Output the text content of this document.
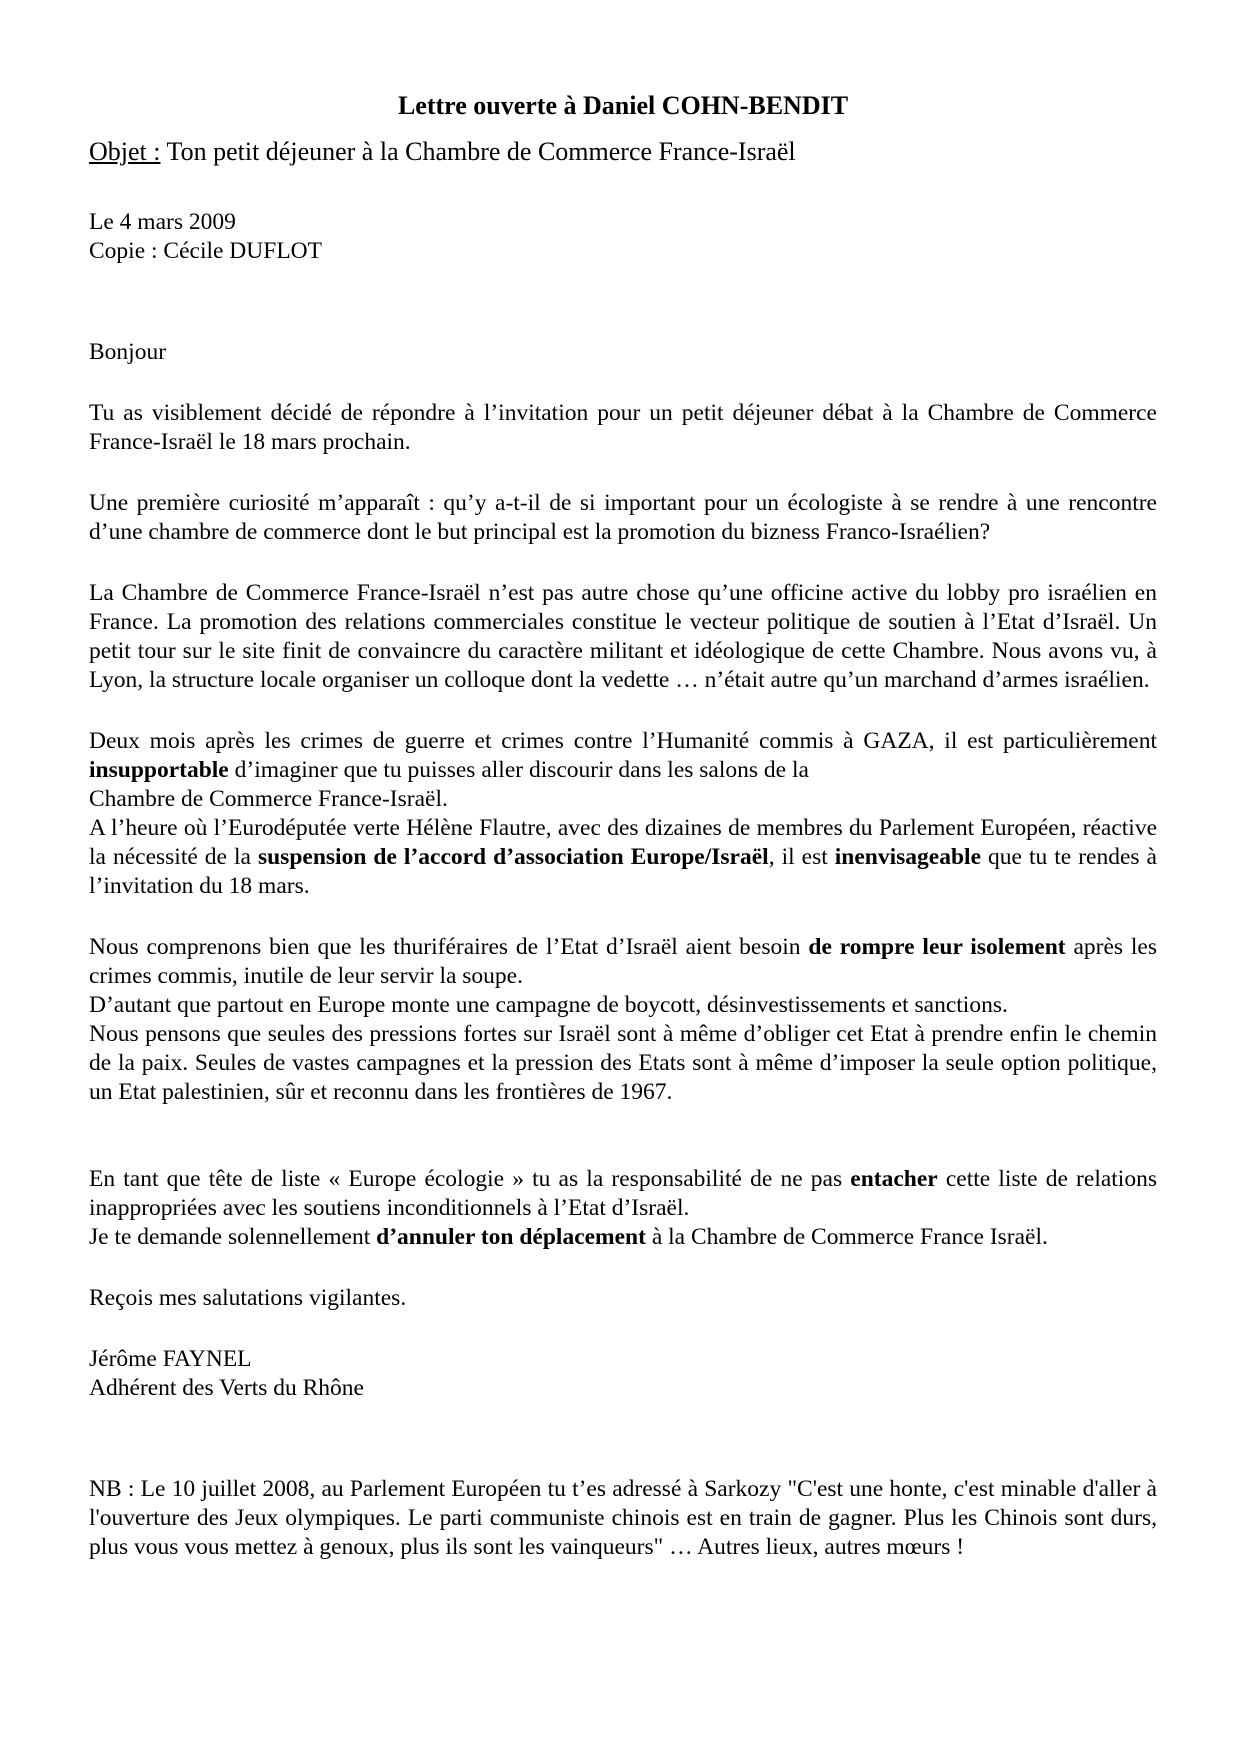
Lettre ouverte à Daniel COHN-BENDIT
Objet : Ton petit déjeuner à la Chambre de Commerce France-Israël

Le 4 mars 2009

Copie : Cécile DUFLOT

Bonjour

Tu as visiblement décidé de répondre à l’invitation pour un petit déjeuner débat à la Chambre de Commerce France-Israël le 18 mars prochain.

Une première curiosité m’apparaît : qu’y a-t-il de si important pour un écologiste à se rendre à une rencontre d’une chambre de commerce dont le but principal est la promotion du bizness Franco-Israélien?

La Chambre de Commerce France-Israël n’est pas autre chose qu’une officine active du lobby pro israélien en France. La promotion des relations commerciales constitue le vecteur politique de soutien à l’Etat d’Israël. Un petit tour sur le site finit de convaincre du caractère militant et idéologique de cette Chambre. Nous avons vu, à Lyon, la structure locale organiser un colloque dont la vedette … n’était autre qu’un marchand d’armes israélien.

Deux mois après les crimes de guerre et crimes contre l’Humanité commis à GAZA, il est particulièrement insupportable d’imaginer que tu puisses aller discourir dans les salons de la

Chambre de Commerce France-Israël.

A l’heure où l’Eurodéputée verte Hélène Flautre, avec des dizaines de membres du Parlement Européen, réactive la nécessité de la suspension de l’accord d’association Europe/Israël, il est inenvisageable que tu te rendes à l’invitation du 18 mars.

Nous comprenons bien que les thuriféraires de l’Etat d’Israël aient besoin de rompre leur isolement après les crimes commis, inutile de leur servir la soupe.

D’autant que partout en Europe monte une campagne de boycott, désinvestissements et sanctions.

Nous pensons que seules des pressions fortes sur Israël sont à même d’obliger cet Etat à prendre enfin le chemin de la paix. Seules de vastes campagnes et la pression des Etats sont à même d’imposer la seule option politique, un Etat palestinien, sûr et reconnu dans les frontières de 1967.

En tant que tête de liste « Europe écologie » tu as la responsabilité de ne pas entacher cette liste de relations inappropriées avec les soutiens inconditionnels à l’Etat d’Israël.

Je te demande solennellement d’annuler ton déplacement à la Chambre de Commerce France Israël.

Reçois mes salutations vigilantes.

Jérôme FAYNEL

Adhérent des Verts du Rhône

NB : Le 10 juillet 2008, au Parlement Européen tu t’es adressé à Sarkozy "C'est une honte, c'est minable d'aller à l'ouverture des Jeux olympiques. Le parti communiste chinois est en train de gagner. Plus les Chinois sont durs, plus vous vous mettez à genoux, plus ils sont les vainqueurs" … Autres lieux, autres mœurs !
